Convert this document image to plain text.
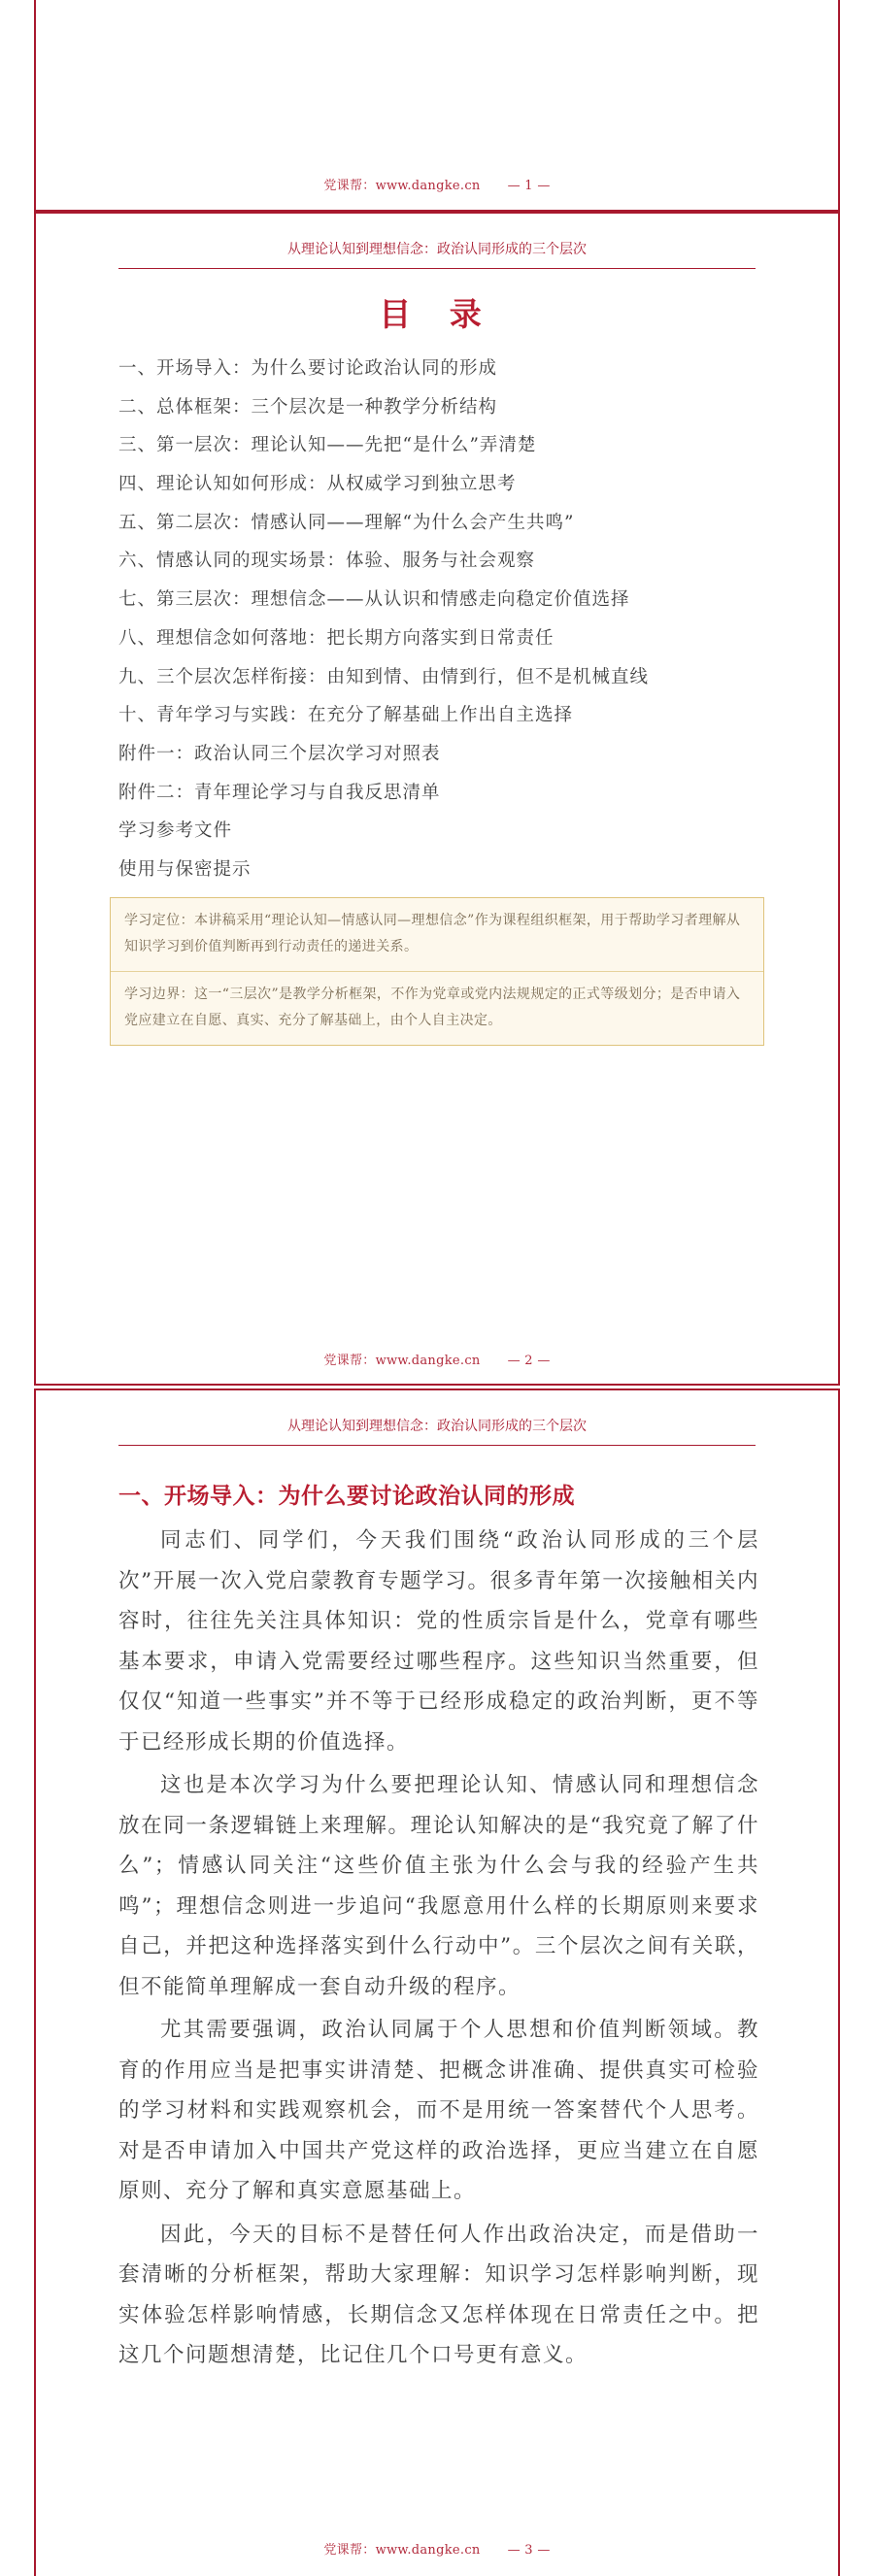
党课帮：www.dangke.cn — 1 —
从理论认知到理想信念：政治认同形成的三个层次
目 录
一、开场导入：为什么要讨论政治认同的形成
二、总体框架：三个层次是一种教学分析结构
三、第一层次：理论认知——先把“是什么”弄清楚
四、理论认知如何形成：从权威学习到独立思考
五、第二层次：情感认同——理解“为什么会产生共鸣”
六、情感认同的现实场景：体验、服务与社会观察
七、第三层次：理想信念——从认识和情感走向稳定价值选择
八、理想信念如何落地：把长期方向落实到日常责任
九、三个层次怎样衔接：由知到情、由情到行，但不是机械直线
十、青年学习与实践：在充分了解基础上作出自主选择
附件一：政治认同三个层次学习对照表
附件二：青年理论学习与自我反思清单
学习参考文件
使用与保密提示
学习定位：本讲稿采用“理论认知—情感认同—理想信念”作为课程组织框架，用于帮助学习者理解从知识学习到价值判断再到行动责任的递进关系。
学习边界：这一“三层次”是教学分析框架，不作为党章或党内法规规定的正式等级划分；是否申请入党应建立在自愿、真实、充分了解基础上，由个人自主决定。
党课帮：www.dangke.cn — 2 —
从理论认知到理想信念：政治认同形成的三个层次
一、开场导入：为什么要讨论政治认同的形成

同志们、同学们，今天我们围绕“政治认同形成的三个层次”开展一次入党启蒙教育专题学习。很多青年第一次接触相关内容时，往往先关注具体知识：党的性质宗旨是什么，党章有哪些基本要求，申请入党需要经过哪些程序。这些知识当然重要，但仅仅“知道一些事实”并不等于已经形成稳定的政治判断，更不等于已经形成长期的价值选择。

这也是本次学习为什么要把理论认知、情感认同和理想信念放在同一条逻辑链上来理解。理论认知解决的是“我究竟了解了什么”；情感认同关注“这些价值主张为什么会与我的经验产生共鸣”；理想信念则进一步追问“我愿意用什么样的长期原则来要求自己，并把这种选择落实到什么行动中”。三个层次之间有关联，但不能简单理解成一套自动升级的程序。

尤其需要强调，政治认同属于个人思想和价值判断领域。教育的作用应当是把事实讲清楚、把概念讲准确、提供真实可检验的学习材料和实践观察机会，而不是用统一答案替代个人思考。对是否申请加入中国共产党这样的政治选择，更应当建立在自愿原则、充分了解和真实意愿基础上。

因此，今天的目标不是替任何人作出政治决定，而是借助一套清晰的分析框架，帮助大家理解：知识学习怎样影响判断，现实体验怎样影响情感，长期信念又怎样体现在日常责任之中。把这几个问题想清楚，比记住几个口号更有意义。

党课帮：www.dangke.cn — 3 —
